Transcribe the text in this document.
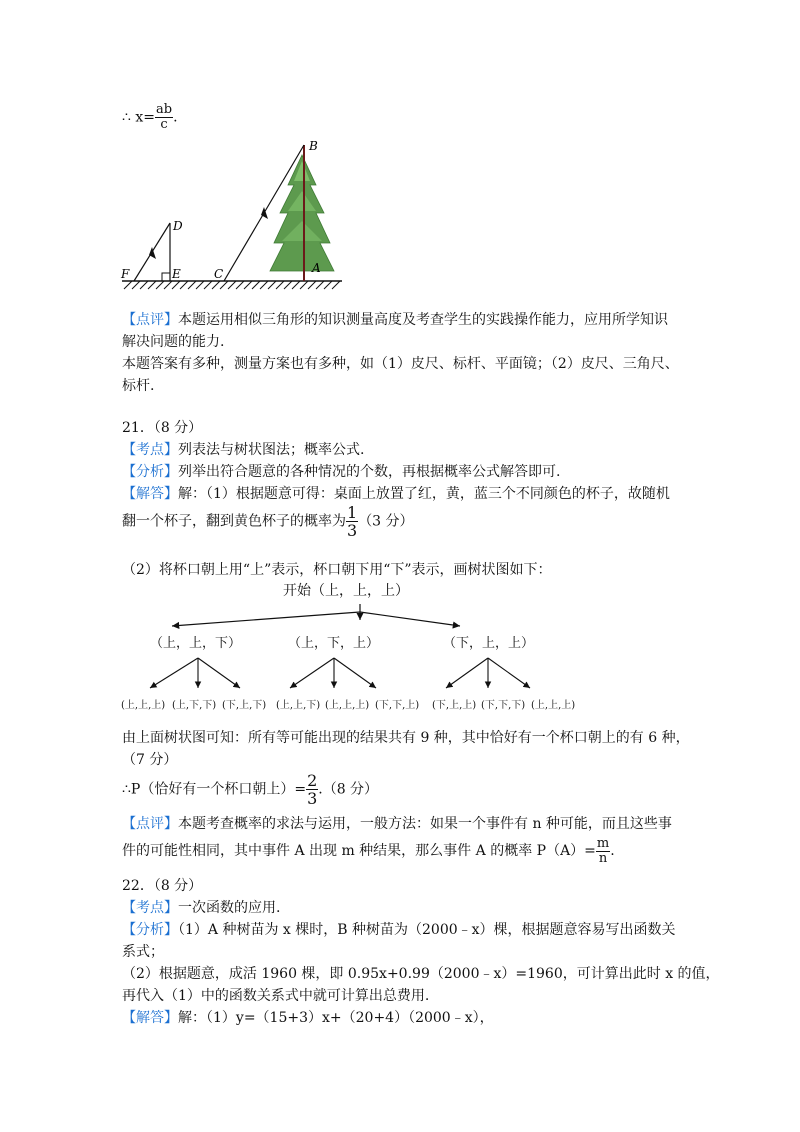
∴ $x= \frac{ab}{c}$ .
B
D
F	E	C	A
【点评】本题运用相似三角形的知识测量高度及考查学生的实践操作能力，应用所学知识
解决问题的能力.
本题答案有多种，测量方案也有多种，如（1）皮尺、标杆、平面镜；（2）皮尺、三角尺、
标杆.
21．（8 分）
【考点】列表法与树状图法；概率公式.
【分析】列举出符合题意的各种情况的个数，再根据概率公式解答即可.
【解答】解：（1）根据题意可得：桌面上放置了红，黄，蓝三个不同颜色的杯子，故随机
翻一个杯子，翻到黄色杯子的概率为 $\frac{1}{3} (3$ 分）
（2）将杯口朝上用“上”表示，杯口朝下用“下”表示，画树状图如下：
开始（上，上，上）
（上，上，下）	（上，下，上）	（下，上，上）
(上,上,上) (上,下,下) (下,上,下) (上,上,下) (上,上,上) (下,下,上) (下,上,上) (下,下,下) (上,上,上)
由上面树状图可知：所有等可能出现的结果共有 9 种，其中恰好有一个杯口朝上的有 6 种，
（7 分）
∴P（恰好有一个杯口朝上）= $\frac{2}{3} .(8$ 分）
【点评】本题考查概率的求法与运用，一般方法：如果一个事件有 n 种可能，而且这些事
件的可能性相同，其中事件 A 出现 m 种结果，那么事件 A 的概率 $P(A)= \frac{m}{n}$ .
22．（8 分）
【考点】一次函数的应用.
【分析】（1）A 种树苗为 x 棵时，B 种树苗为（2000﹣x）棵，根据题意容易写出函数关
系式；
（2）根据题意，成活 1960 棵，即 0.95x+0.99（2000﹣x）=1960，可计算出此时 x 的值，
再代入（1）中的函数关系式中就可计算出总费用.
【解答】解：（1）y=（15+3）x+（20+4）（2000﹣x），
